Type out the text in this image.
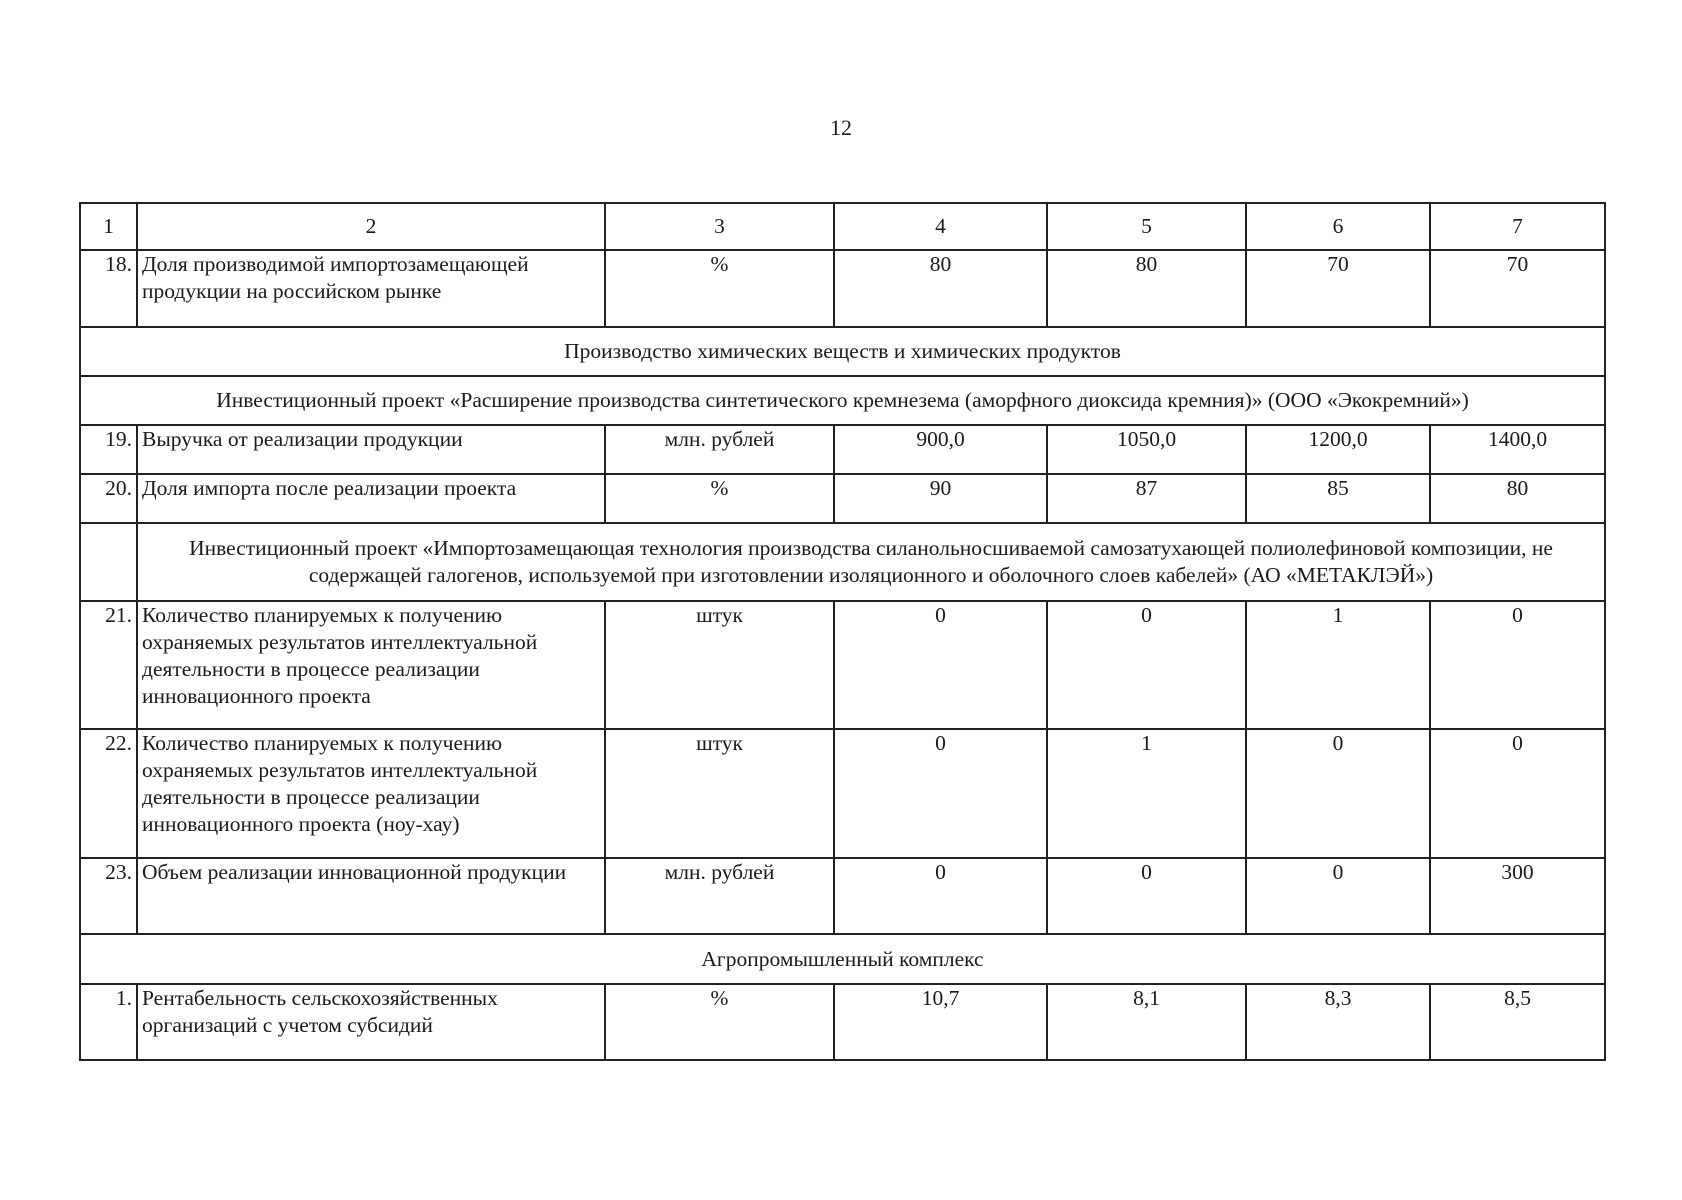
12
1	2	3	4	5	6	7
18.	Доля производимой импортозамещающей продукции на российском рынке	%	80	80	70	70
Производство химических веществ и химических продуктов						
Инвестиционный проект «Расширение производства синтетического кремнезема (аморфного диоксида кремния)» (ООО «Экокремний»)						
19.	Выручка от реализации продукции	млн. рублей	900,0	1050,0	1200,0	1400,0
20.	Доля импорта после реализации проекта	%	90	87	85	80
	Инвестиционный проект «Импортозамещающая технология производства силанольносшиваемой самозатухающей полиолефиновой композиции, не содержащей галогенов, используемой при изготовлении изоляционного и оболочного слоев кабелей» (АО «МЕТАКЛЭЙ»)					
21.	Количество планируемых к получению охраняемых результатов интеллектуальной деятельности в процессе реализации инновационного проекта	штук	0	0	1	0
22.	Количество планируемых к получению охраняемых результатов интеллектуальной деятельности в процессе реализации инновационного проекта (ноу-хау)	штук	0	1	0	0
23.	Объем реализации инновационной продукции	млн. рублей	0	0	0	300
Агропромышленный комплекс						
1.	Рентабельность сельскохозяйственных организаций с учетом субсидий	%	10,7	8,1	8,3	8,5
